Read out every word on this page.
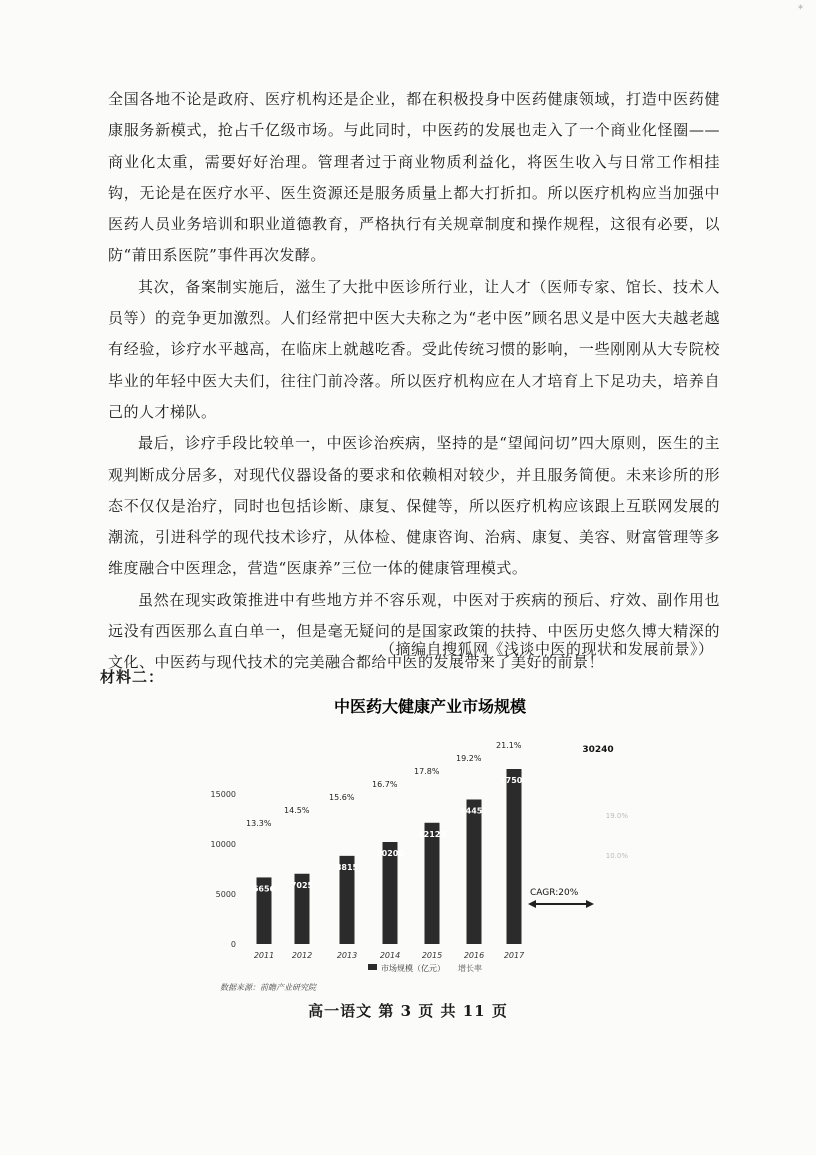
*

全国各地不论是政府、医疗机构还是企业，都在积极投身中医药健康领域，打造中医药健康服务新模式，抢占千亿级市场。与此同时，中医药的发展也走入了一个商业化怪圈——商业化太重，需要好好治理。管理者过于商业物质利益化，将医生收入与日常工作相挂钩，无论是在医疗水平、医生资源还是服务质量上都大打折扣。所以医疗机构应当加强中医药人员业务培训和职业道德教育，严格执行有关规章制度和操作规程，这很有必要，以防“莆田系医院”事件再次发酵。

其次，备案制实施后，滋生了大批中医诊所行业，让人才（医师专家、馆长、技术人员等）的竞争更加激烈。人们经常把中医大夫称之为“老中医”顾名思义是中医大夫越老越有经验，诊疗水平越高，在临床上就越吃香。受此传统习惯的影响，一些刚刚从大专院校毕业的年轻中医大夫们，往往门前冷落。所以医疗机构应在人才培育上下足功夫，培养自己的人才梯队。

最后，诊疗手段比较单一，中医诊治疾病，坚持的是“望闻问切”四大原则，医生的主观判断成分居多，对现代仪器设备的要求和依赖相对较少，并且服务简便。未来诊所的形态不仅仅是治疗，同时也包括诊断、康复、保健等，所以医疗机构应该跟上互联网发展的潮流，引进科学的现代技术诊疗，从体检、健康咨询、治病、康复、美容、财富管理等多维度融合中医理念，营造“医康养”三位一体的健康管理模式。

虽然在现实政策推进中有些地方并不容乐观，中医对于疾病的预后、疗效、副作用也远没有西医那么直白单一，但是毫无疑问的是国家政策的扶持、中医历史悠久博大精深的文化、中医药与现代技术的完美融合都给中医的发展带来了美好的前景！

（摘编自搜狐网《浅谈中医的现状和发展前景》）
材料二：
中医药大健康产业市场规模
0
5000
10000
15000
6656
13.3%
7025
14.5%
8815
15.6%
10200
16.7%
12123
17.8%
14451
19.2%
17500
21.1%	30240
2011 2012	2013	2014	2015	2016 2017
CAGR:20%
19.0%
10.0%
市场规模（亿元） 增长率
数据来源：前瞻产业研究院
高一语文 第 3 页 共 11 页
